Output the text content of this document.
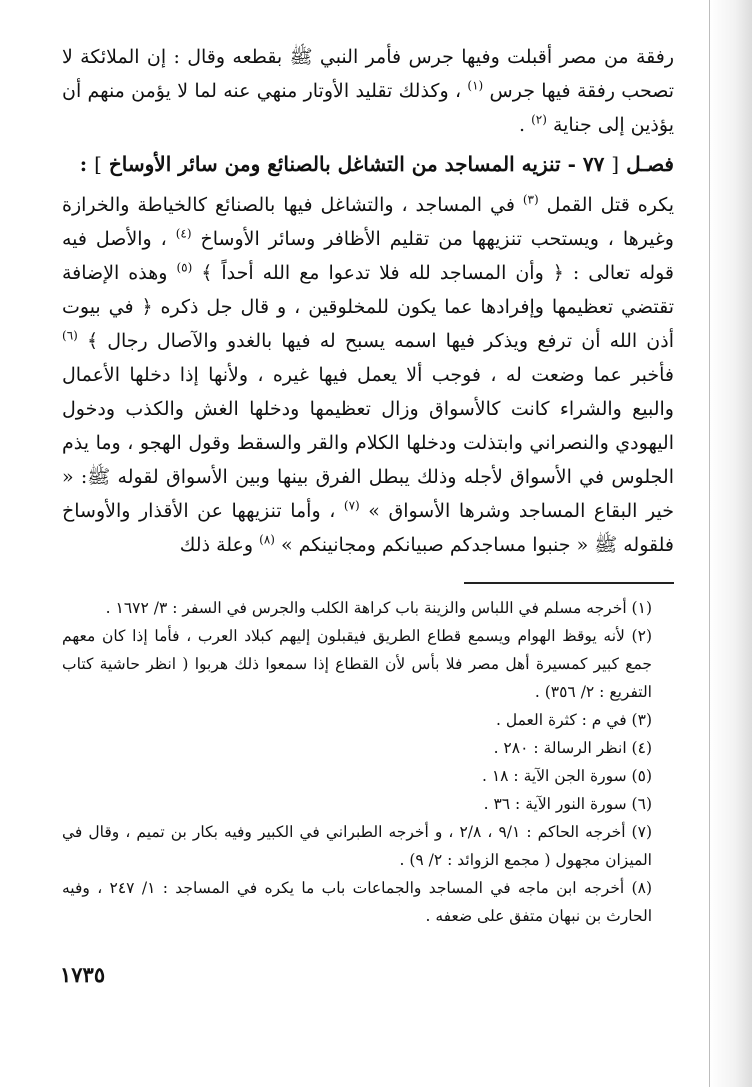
رفقة من مصر أقبلت وفيها جرس فأمر النبي ﷺ بقطعه وقال : إن الملائكة لا تصحب رفقة فيها جرس $^{(١)}$ ، وكذلك تقليد الأوتار منهي عنه لما لا يؤمن منهم أن يؤذين إلى جناية $^{(٢)}$ .

فصـل [ ٧٧ - تنزيه المساجد من التشاغل بالصنائع ومن سائر الأوساخ ] :

يكره قتل القمل $^{(٣)}$ في المساجد ، والتشاغل فيها بالصنائع كالخياطة والخرازة وغيرها ، ويستحب تنزيهها من تقليم الأظافر وسائر الأوساخ $^{(٤)}$ ، والأصل فيه قوله تعالى : ﴿ وأن المساجد لله فلا تدعوا مع الله أحداً ﴾ $^{(٥)}$ وهذه الإضافة تقتضي تعظيمها وإفرادها عما يكون للمخلوقين ، و قال جل ذكره ﴿ في بيوت أذن الله أن ترفع ويذكر فيها اسمه يسبح له فيها بالغدو والآصال رجال ﴾ $^{(٦)}$ فأخبر عما وضعت له ، فوجب ألا يعمل فيها غيره ، ولأنها إذا دخلها الأعمال والبيع والشراء كانت كالأسواق وزال تعظيمها ودخلها الغش والكذب ودخول اليهودي والنصراني وابتذلت ودخلها الكلام والقر والسقط وقول الهجو ، وما يذم الجلوس في الأسواق لأجله وذلك يبطل الفرق بينها وبين الأسواق لقوله ﷺ: « خير البقاع المساجد وشرها الأسواق » $^{(٧)}$ ، وأما تنزيهها عن الأقذار والأوساخ فلقوله ﷺ « جنبوا مساجدكم صبيانكم ومجانينكم » $^{(٨)}$ وعلة ذلك

(١) أخرجه مسلم في اللباس والزينة باب كراهة الكلب والجرس في السفر : ٣/ ١٦٧٢ .

(٢) لأنه يوقظ الهوام ويسمع قطاع الطريق فيقبلون إليهم كبلاد العرب ، فأما إذا كان معهم جمع كبير كمسيرة أهل مصر فلا بأس لأن القطاع إذا سمعوا ذلك هربوا ( انظر حاشية كتاب التفريع : ٢/ ٣٥٦) .

(٣) في م : كثرة العمل .

(٤) انظر الرسالة : ٢٨٠ .

(٥) سورة الجن الآية : ١٨ .

(٦) سورة النور الآية : ٣٦ .

(٧) أخرجه الحاكم : ٩/١ ، ٢/٨ ، و أخرجه الطبراني في الكبير وفيه بكار بن تميم ، وقال في الميزان مجهول ( مجمع الزوائد : ٢/ ٩) .

(٨) أخرجه ابن ماجه في المساجد والجماعات باب ما يكره في المساجد : ١/ ٢٤٧ ، وفيه الحارث بن نبهان متفق على ضعفه .

١٧٣٥
